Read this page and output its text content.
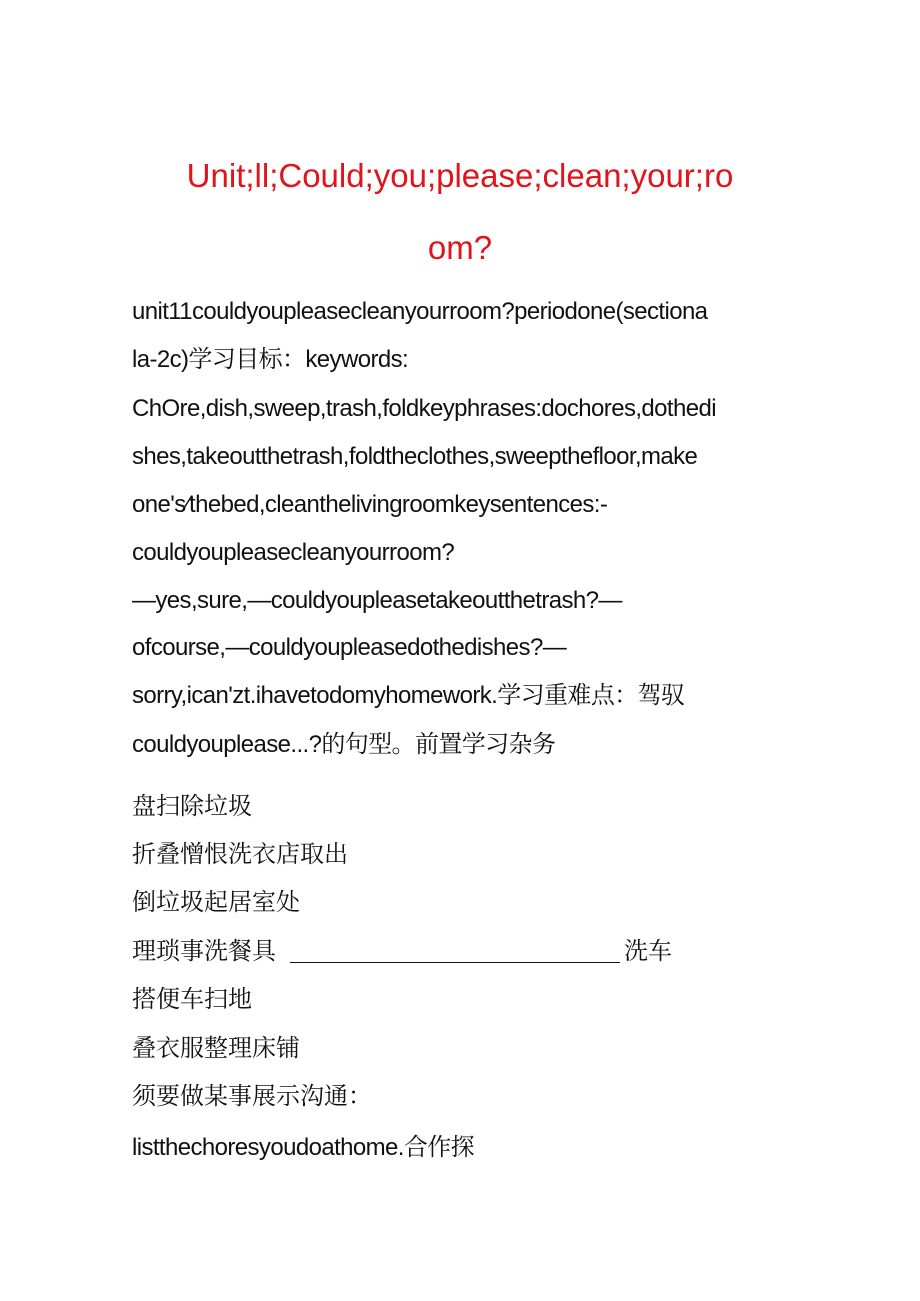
Unit;ll;Could;you;please;clean;your;ro
om?
unit11couldyoupleasecleanyourroom?periodone(sectiona
la-2c)学习目标：keywords:
ChOre,dish,sweep,trash,foldkeyphrases:dochores,dothedi
shes,takeoutthetrash,foldtheclothes,sweepthefloor,make
one's∕thebed,cleanthelivingroomkeysentences:-
couldyoupleasecleanyourroom?
—yes,sure,—couldyoupleasetakeoutthetrash?—
ofcourse,—couldyoupleasedothedishes?—
sorry,ican'zt.ihavetodomyhomework.学习重难点：驾驭
couldyouplease...?的句型。前置学习杂务
盘扫除垃圾
折叠憎恨洗衣店取出
倒垃圾起居室处
理琐事洗餐具	洗车
搭便车扫地
叠衣服整理床铺
须要做某事展示沟通：
listthechoresyoudoathome.合作探
